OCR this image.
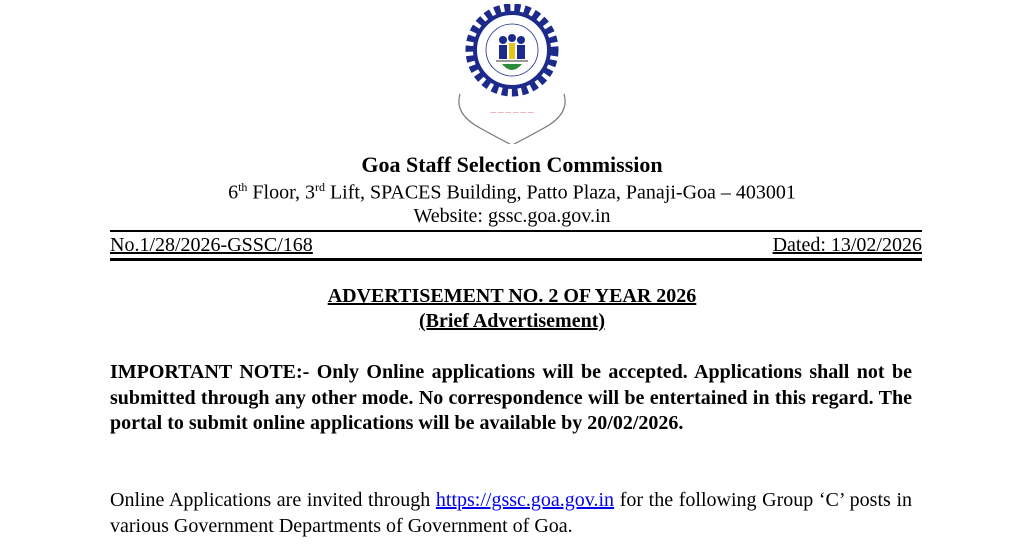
— — — — — —
Goa Staff Selection Commission
6th Floor, 3rd Lift, SPACES Building, Patto Plaza, Panaji-Goa – 403001
Website: gssc.goa.gov.in
No.1/28/2026-GSSC/168	Dated: 13/02/2026
ADVERTISEMENT NO. 2 OF YEAR 2026
(Brief Advertisement)
IMPORTANT NOTE:- Only Online applications will be accepted. Applications shall not be submitted through any other mode. No correspondence will be entertained in this regard. The portal to submit online applications will be available by 20/02/2026.
Online Applications are invited through https://gssc.goa.gov.in for the following Group ‘C’ posts in various Government Departments of Government of Goa.
